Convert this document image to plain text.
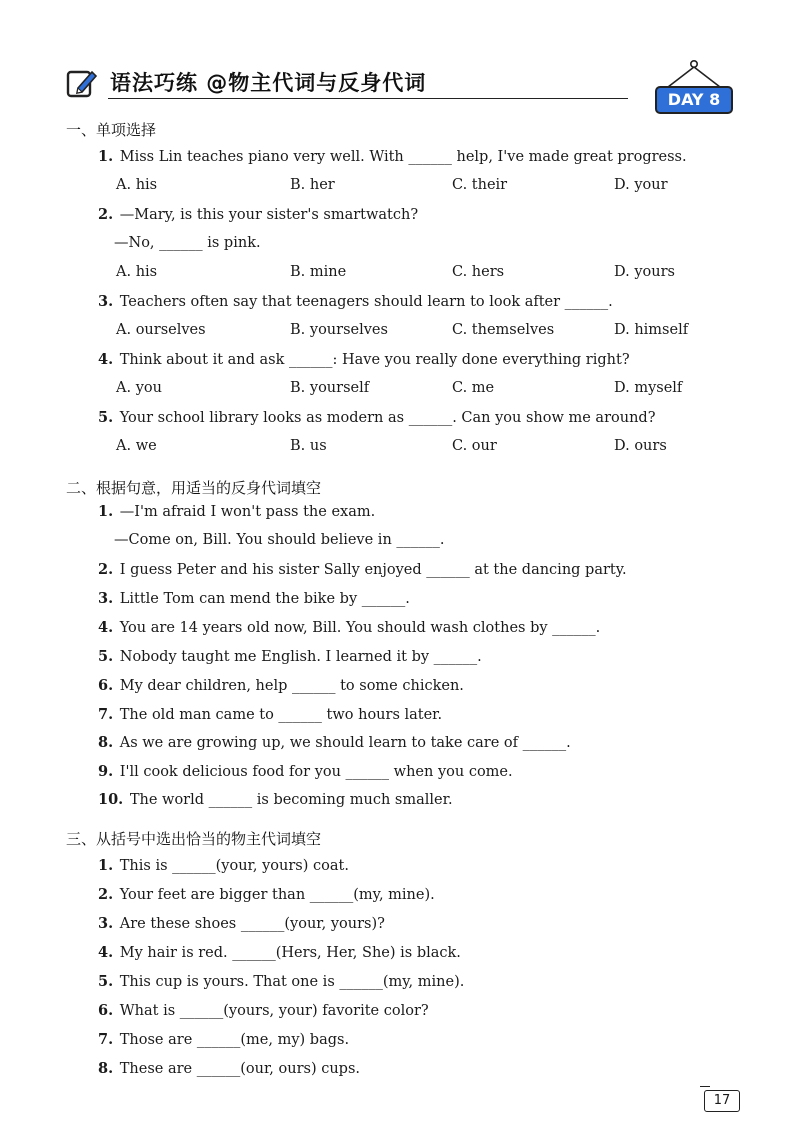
语法巧练 @物主代词与反身代词
DAY 8
一、单项选择
1. Miss Lin teaches piano very well. With ______ help, I've made great progress.
A. his	B. her	C. their	D. your
2. —Mary, is this your sister's smartwatch?
—No, ______ is pink.
A. his	B. mine	C. hers	D. yours
3. Teachers often say that teenagers should learn to look after ______.
A. ourselves	B. yourselves	C. themselves	D. himself
4. Think about it and ask ______: Have you really done everything right?
A. you	B. yourself	C. me	D. myself
5. Your school library looks as modern as ______. Can you show me around?
A. we	B. us	C. our	D. ours
二、根据句意，用适当的反身代词填空
1. —I'm afraid I won't pass the exam.
—Come on, Bill. You should believe in ______.
2. I guess Peter and his sister Sally enjoyed ______ at the dancing party.
3. Little Tom can mend the bike by ______.
4. You are 14 years old now, Bill. You should wash clothes by ______.
5. Nobody taught me English. I learned it by ______.
6. My dear children, help ______ to some chicken.
7. The old man came to ______ two hours later.
8. As we are growing up, we should learn to take care of ______.
9. I'll cook delicious food for you ______ when you come.
10. The world ______ is becoming much smaller.
三、从括号中选出恰当的物主代词填空
1. This is ______(your, yours) coat.
2. Your feet are bigger than ______(my, mine).
3. Are these shoes ______(your, yours)?
4. My hair is red. ______(Hers, Her, She) is black.
5. This cup is yours. That one is ______(my, mine).
6. What is ______(yours, your) favorite color?
7. Those are ______(me, my) bags.
8. These are ______(our, ours) cups.
17
